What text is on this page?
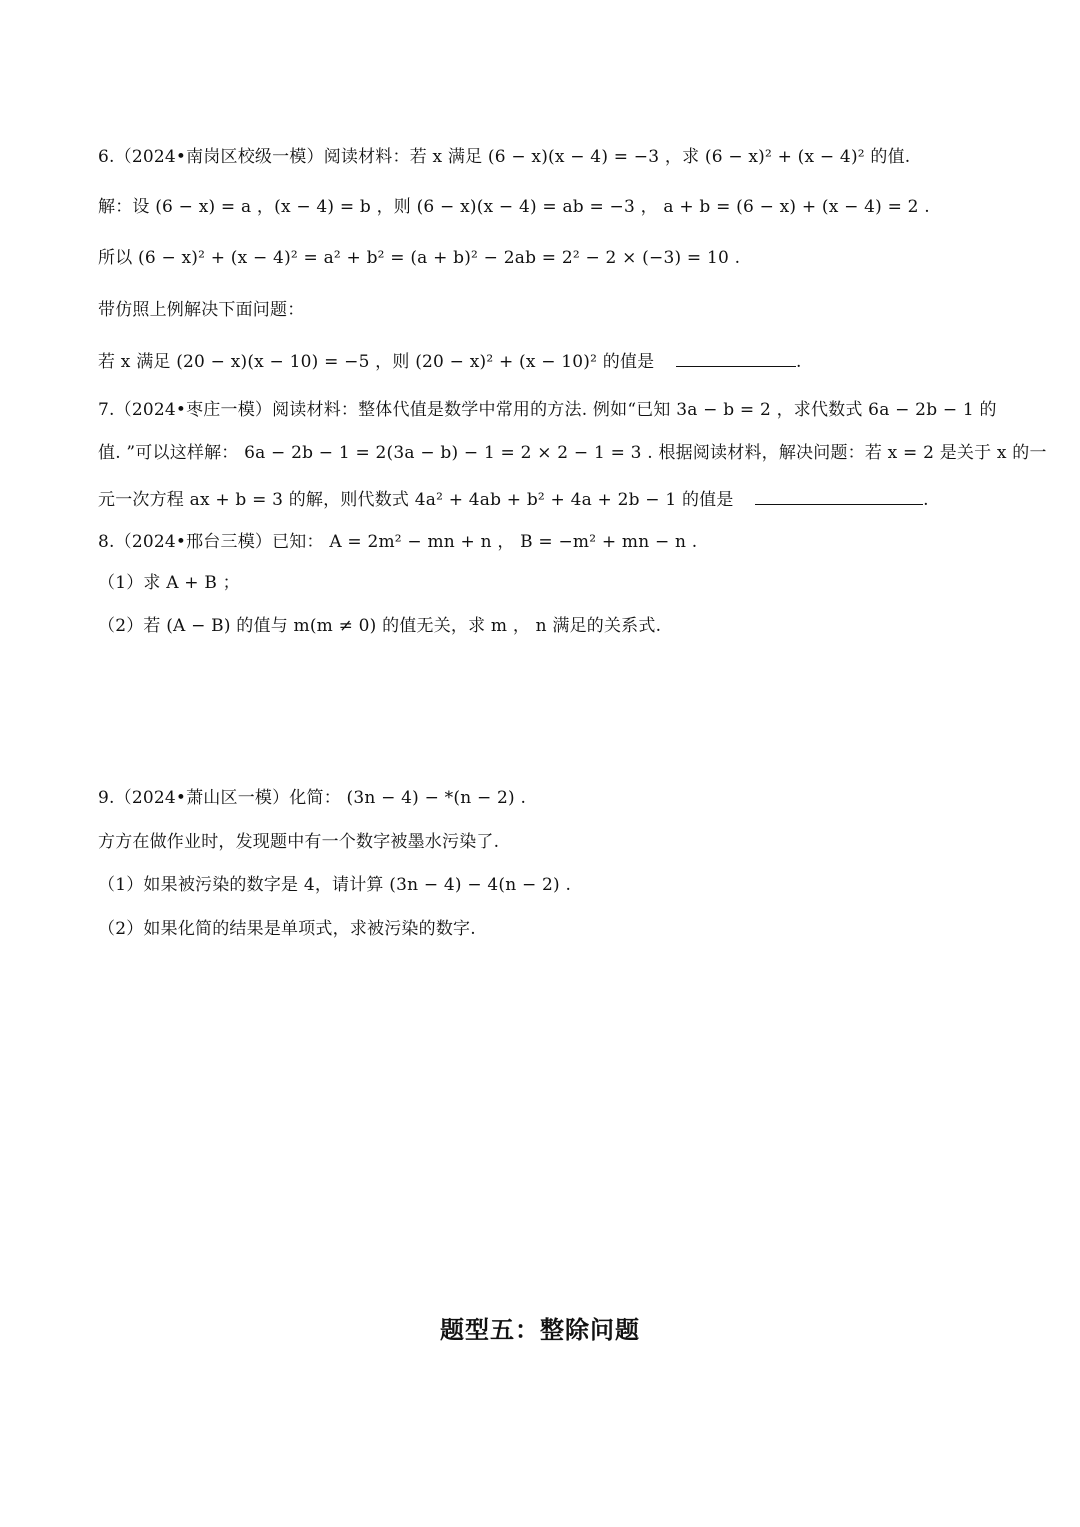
6.（2024•南岗区校级一模）阅读材料：若 x 满足 (6 − x)(x − 4) = −3 ，求 (6 − x)² + (x − 4)² 的值.
解：设 (6 − x) = a ，(x − 4) = b ，则 (6 − x)(x − 4) = ab = −3 ， a + b = (6 − x) + (x − 4) = 2 .
所以 (6 − x)² + (x − 4)² = a² + b² = (a + b)² − 2ab = 2² − 2 × (−3) = 10 .
带仿照上例解决下面问题：
若 x 满足 (20 − x)(x − 10) = −5 ，则 (20 − x)² + (x − 10)² 的值是	.
7.（2024•枣庄一模）阅读材料：整体代值是数学中常用的方法. 例如“已知 3a − b = 2 ，求代数式 6a − 2b − 1 的
值. ”可以这样解： 6a − 2b − 1 = 2(3a − b) − 1 = 2 × 2 − 1 = 3 . 根据阅读材料，解决问题：若 x = 2 是关于 x 的一
元一次方程 ax + b = 3 的解，则代数式 4a² + 4ab + b² + 4a + 2b − 1 的值是	.
8.（2024•邢台三模）已知： A = 2m² − mn + n ， B = −m² + mn − n .
（1）求 A + B ；
（2）若 (A − B) 的值与 m(m ≠ 0) 的值无关，求 m ， n 满足的关系式.
9.（2024•萧山区一模）化简： (3n − 4) − *(n − 2) .
方方在做作业时，发现题中有一个数字被墨水污染了.
（1）如果被污染的数字是 4，请计算 (3n − 4) − 4(n − 2) .
（2）如果化简的结果是单项式，求被污染的数字.
题型五：整除问题
